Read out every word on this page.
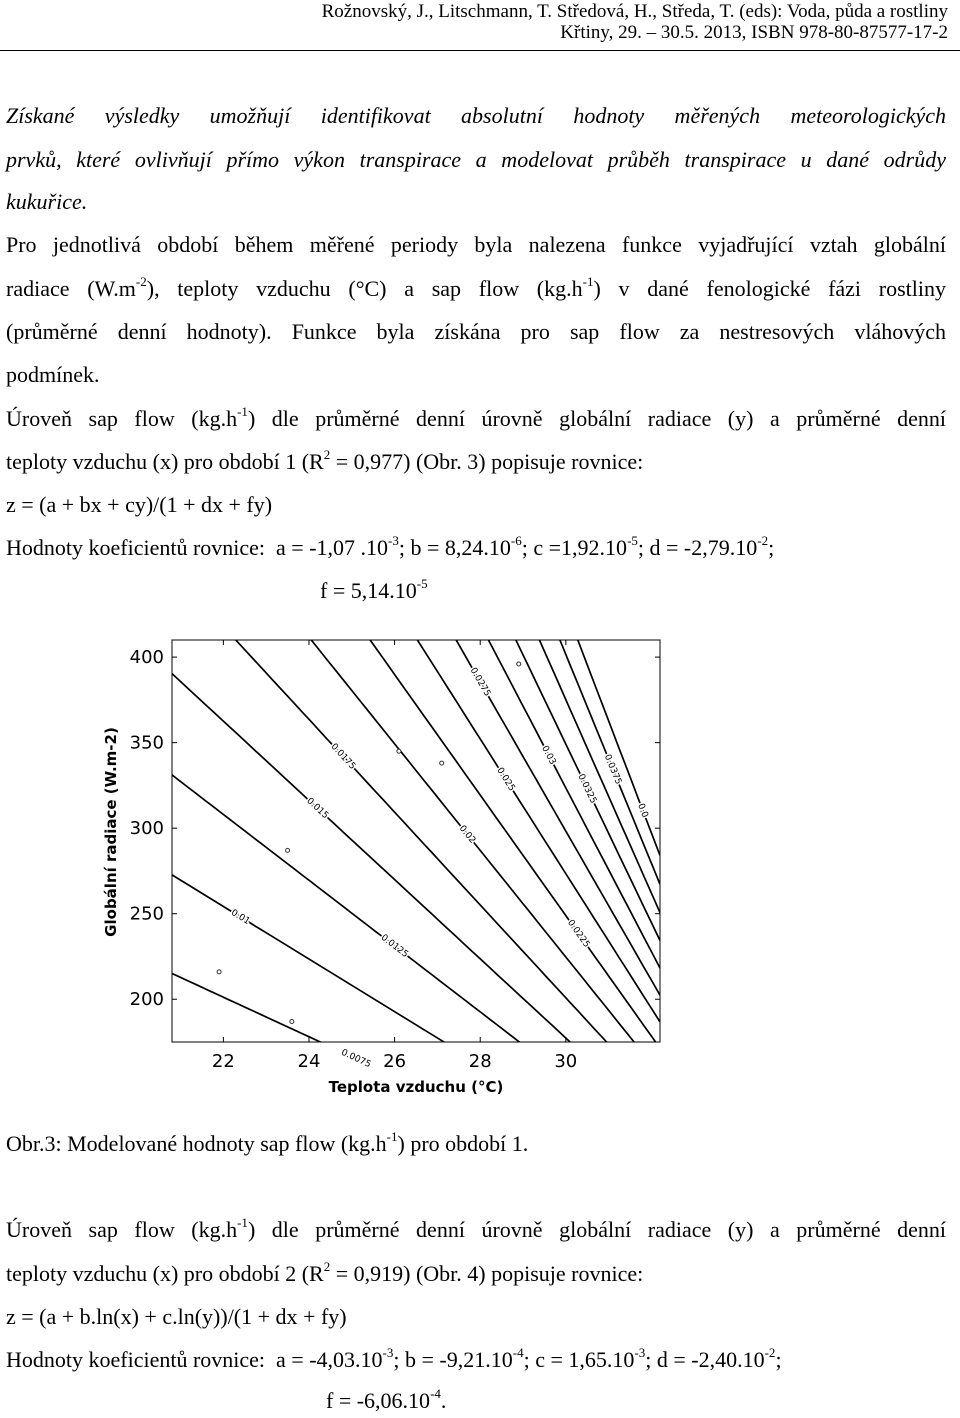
Rožnovský, J., Litschmann, T. Středová, H., Středa, T. (eds): Voda, půda a rostliny
Křtiny, 29. – 30.5. 2013, ISBN 978-80-87577-17-2
Získané výsledky umožňují identifikovat absolutní hodnoty měřených meteorologických
prvků, které ovlivňují přímo výkon transpirace a modelovat průběh transpirace u dané odrůdy
kukuřice.
Pro jednotlivá období během měřené periody byla nalezena funkce vyjadřující vztah globální
radiace $(W.m^{-2})$, teploty vzduchu (°C) a sap flow $(kg.h^{-1})$ v dané fenologické fázi rostliny
(průměrné denní hodnoty). Funkce byla získána pro sap flow za nestresových vláhových
podmínek.
Úroveň sap flow $(kg.h^{-1})$ dle průměrné denní úrovně globální radiace (y) a průměrné denní
teploty vzduchu (x) pro období 1 $(R^2 = 0,977)$ (Obr. 3) popisuje rovnice:
z = (a + bx + cy)/(1 + dx + fy)
Hodnoty koeficientů rovnice: a = -1,07 $.10^{-3}$; $b = 8,24.10^{-6}$; $c =1,92.10^{-5}$; $d = -2,79.10^{-2}$;
$f = 5,14.10^{-5}$
0.0075
0.01
0.0125
0.015
0.0175
0.02
0.0225
0.025
0.0275
0.03
0.0325
0.0375
0.0
22	24	26	28	30
200
250
300
350
400
Teplota vzduchu (°C)
Globální radiace (W.m-2)
Obr.3: Modelované hodnoty sap flow $(kg.h^{-1})$ pro období 1.
Úroveň sap flow $(kg.h^{-1})$ dle průměrné denní úrovně globální radiace (y) a průměrné denní
teploty vzduchu (x) pro období 2 $(R^2 = 0,919)$ (Obr. 4) popisuje rovnice:
z = (a + b.ln(x) + c.ln(y))/(1 + dx + fy)
Hodnoty koeficientů rovnice: $a = -4,03.10^{-3}$; $b = -9,21.10^{-4}$; $c = 1,65.10^{-3}$; $d = -2,40.10^{-2}$;
$f = -6,06.10^{-4}$.
